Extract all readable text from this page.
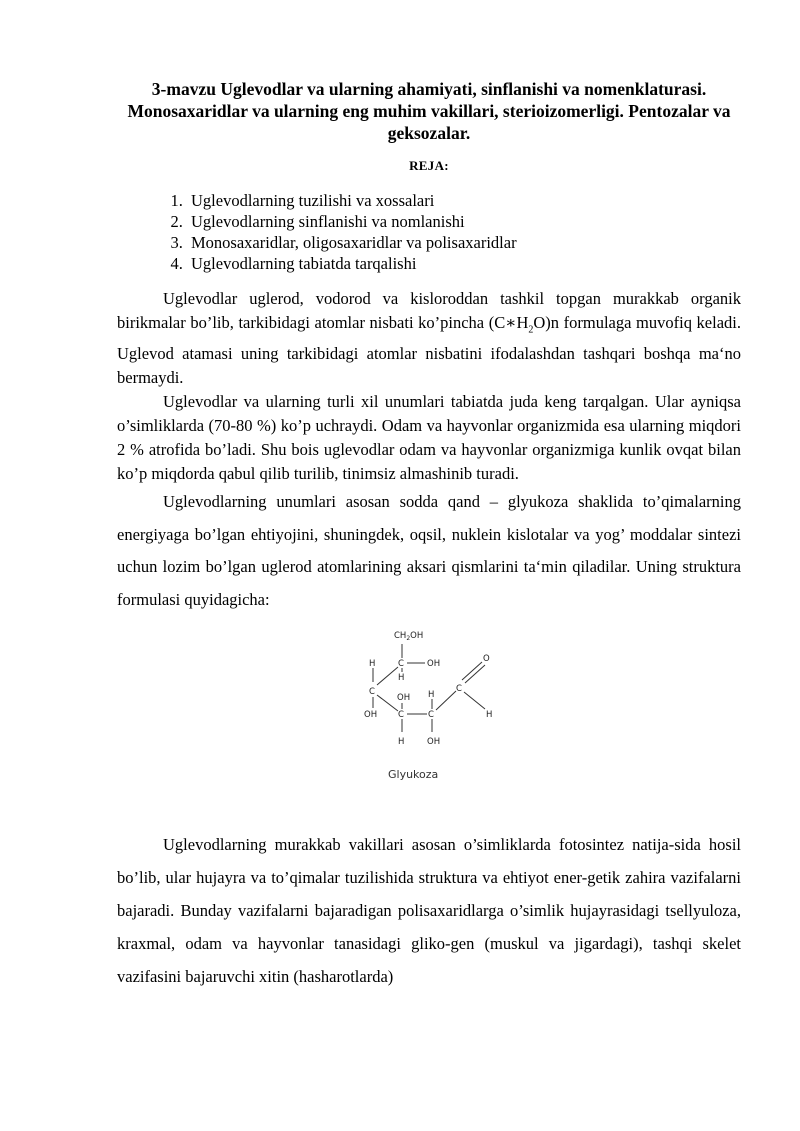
3-mavzu Uglevodlar va ularning ahamiyati, sinflanishi va nomenklaturasi. Monosaxaridlar va ularning eng muhim vakillari, sterioizomerligi. Pentozalar va geksozalar.

REJA:
1. Uglevodlarning tuzilishi va xossalari
2. Uglevodlarning sinflanishi va nomlanishi
3. Monosaxaridlar, oligosaxaridlar va polisaxaridlar
4. Uglevodlarning tabiatda tarqalishi

Uglevodlar uglerod, vodorod va kisloroddan tashkil topgan murakkab organik birikmalar bo’lib, tarkibidagi atomlar nisbati ko’pincha $(C∗H_2O)n$ formulaga muvofiq keladi. Uglevod atamasi uning tarkibidagi atomlar nisbatini ifodalashdan tashqari boshqa ma‘no bermaydi.

Uglevodlar va ularning turli xil unumlari tabiatda juda keng tarqalgan. Ular ayniqsa o’simliklarda (70-80 %) ko’p uchraydi. Odam va hayvonlar organizmida esa ularning miqdori 2 % atrofida bo’ladi. Shu bois uglevodlar odam va hayvonlar organizmiga kunlik ovqat bilan ko’p miqdorda qabul qilib turilib, tinimsiz almashinib turadi.

Uglevodlarning unumlari asosan sodda qand – glyukoza shaklida to’qimalarning energiyaga bo’lgan ehtiyojini, shuningdek, oqsil, nuklein kislotalar va yog’ moddalar sintezi uchun lozim bo’lgan uglerod atomlarining aksari qismlarini ta‘min qiladilar. Uning struktura formulasi quyidagicha:

$CH_2OH$
H	C	OH
H
O
C
OH H
C
OH C	C	H
H	OH
Glyukoza

Uglevodlarning murakkab vakillari asosan o’simliklarda fotosintez natija-sida hosil bo’lib, ular hujayra va to’qimalar tuzilishida struktura va ehtiyot ener-getik zahira vazifalarni bajaradi. Bunday vazifalarni bajaradigan polisaxaridlarga o’simlik hujayrasidagi tsellyuloza, kraxmal, odam va hayvonlar tanasidagi gliko-gen (muskul va jigardagi), tashqi skelet vazifasini bajaruvchi xitin (hasharotlarda)
